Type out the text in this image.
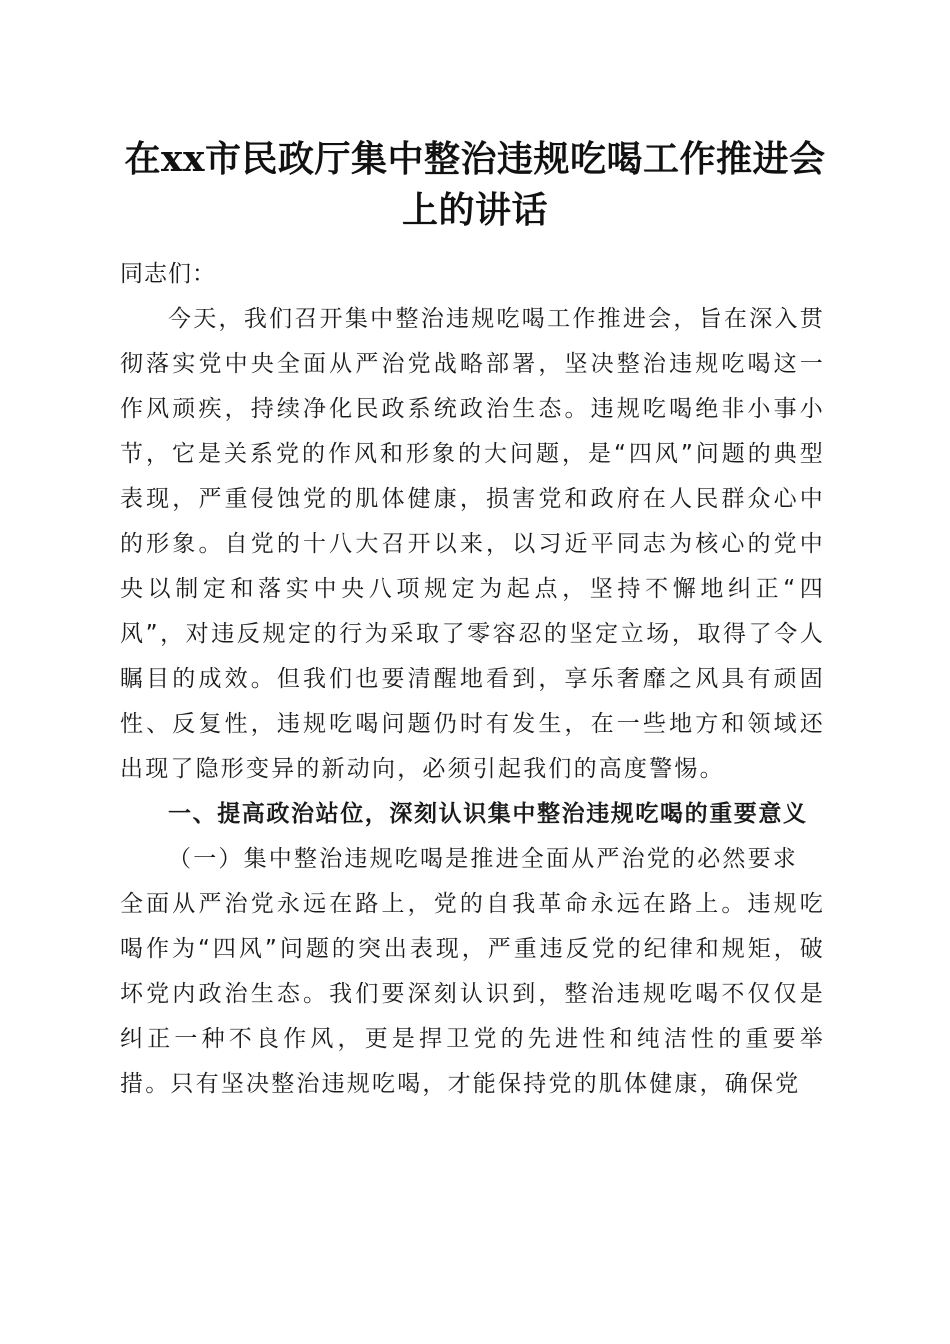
在xx市民政厅集中整治违规吃喝工作推进会
上的讲话

同志们：

今天，我们召开集中整治违规吃喝工作推进会，旨在深入贯彻落实党中央全面从严治党战略部署，坚决整治违规吃喝这一作风顽疾，持续净化民政系统政治生态。违规吃喝绝非小事小节，它是关系党的作风和形象的大问题，是“四风”问题的典型表现，严重侵蚀党的肌体健康，损害党和政府在人民群众心中的形象。自党的十八大召开以来，以习近平同志为核心的党中央以制定和落实中央八项规定为起点，坚持不懈地纠正“四风”，对违反规定的行为采取了零容忍的坚定立场，取得了令人瞩目的成效。但我们也要清醒地看到，享乐奢靡之风具有顽固性、反复性，违规吃喝问题仍时有发生，在一些地方和领域还出现了隐形变异的新动向，必须引起我们的高度警惕。

一、提高政治站位，深刻认识集中整治违规吃喝的重要意义

（一）集中整治违规吃喝是推进全面从严治党的必然要求

全面从严治党永远在路上，党的自我革命永远在路上。违规吃喝作为“四风”问题的突出表现，严重违反党的纪律和规矩，破坏党内政治生态。我们要深刻认识到，整治违规吃喝不仅仅是纠正一种不良作风，更是捍卫党的先进性和纯洁性的重要举措。只有坚决整治违规吃喝，才能保持党的肌体健康，确保党
